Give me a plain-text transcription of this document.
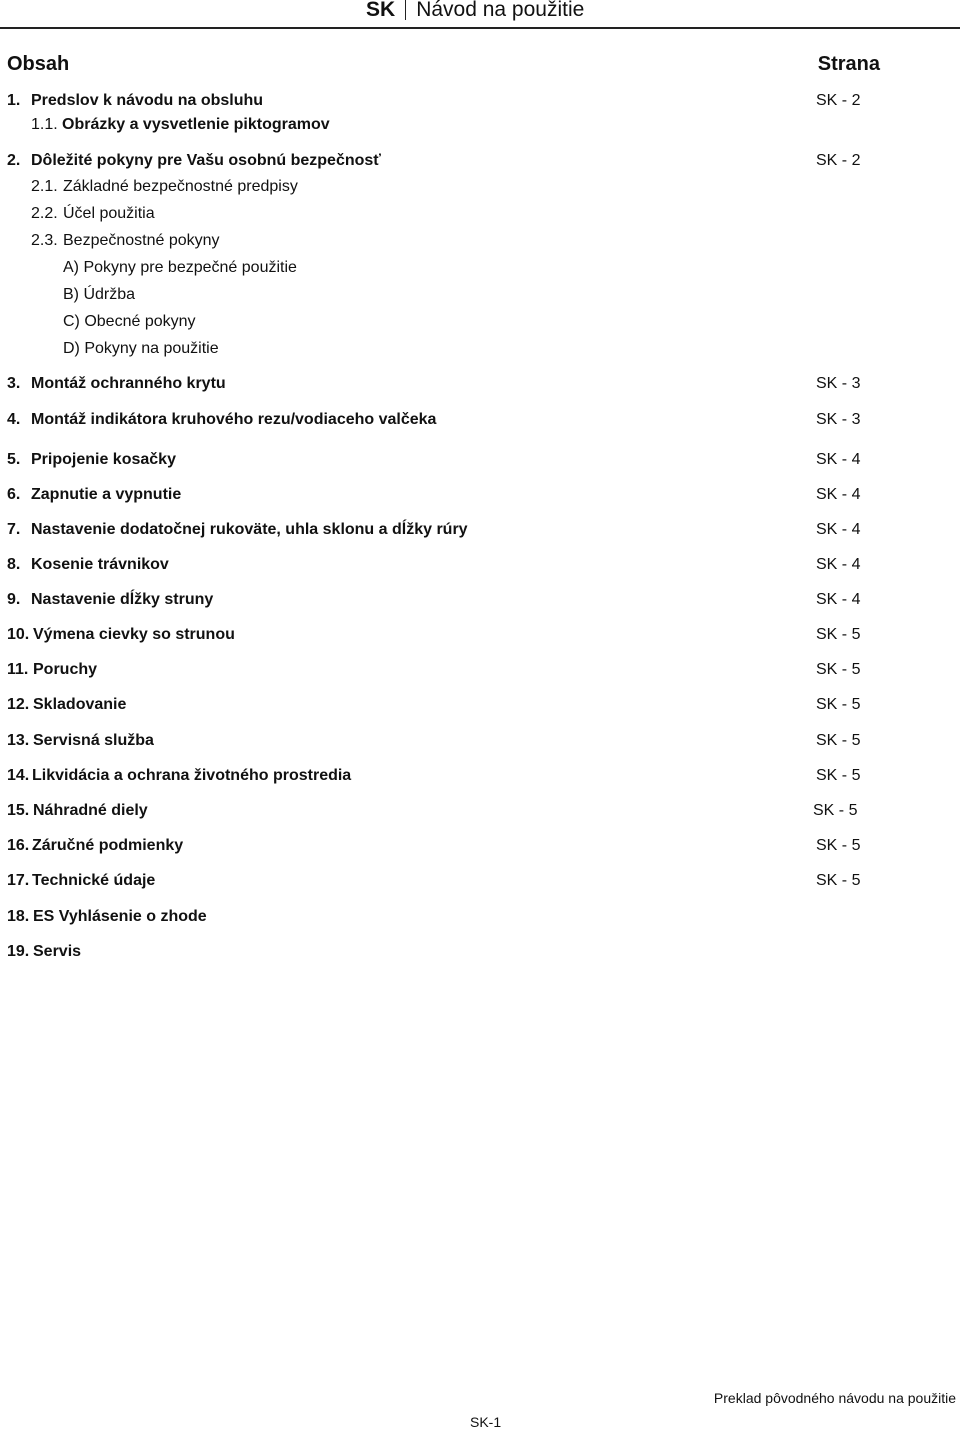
SK Návod na použitie
Obsah	Strana
1. Predslov k návodu na obsluhu	SK - 2
1.1. Obrázky a vysvetlenie piktogramov
2. Dôležité pokyny pre Vašu osobnú bezpečnosť	SK - 2
2.1. Základné bezpečnostné predpisy
2.2. Účel použitia
2.3. Bezpečnostné pokyny
A) Pokyny pre bezpečné použitie
B) Údržba
C) Obecné pokyny
D) Pokyny na použitie
3. Montáž ochranného krytu	SK - 3
4. Montáž indikátora kruhového rezu/vodiaceho valčeka	SK - 3
5. Pripojenie kosačky	SK - 4
6. Zapnutie a vypnutie	SK - 4
7. Nastavenie dodatočnej rukoväte, uhla sklonu a dĺžky rúry	SK - 4
8. Kosenie trávnikov	SK - 4
9. Nastavenie dĺžky struny	SK - 4
10. Výmena cievky so strunou	SK - 5
11. Poruchy	SK - 5
12. Skladovanie	SK - 5
13. Servisná služba	SK - 5
14. Likvidácia a ochrana životného prostredia	SK - 5
15. Náhradné diely	SK - 5
16. Záručné podmienky	SK - 5
17. Technické údaje	SK - 5
18. ES Vyhlásenie o zhode
19. Servis
Preklad pôvodného návodu na použitie
SK-1
